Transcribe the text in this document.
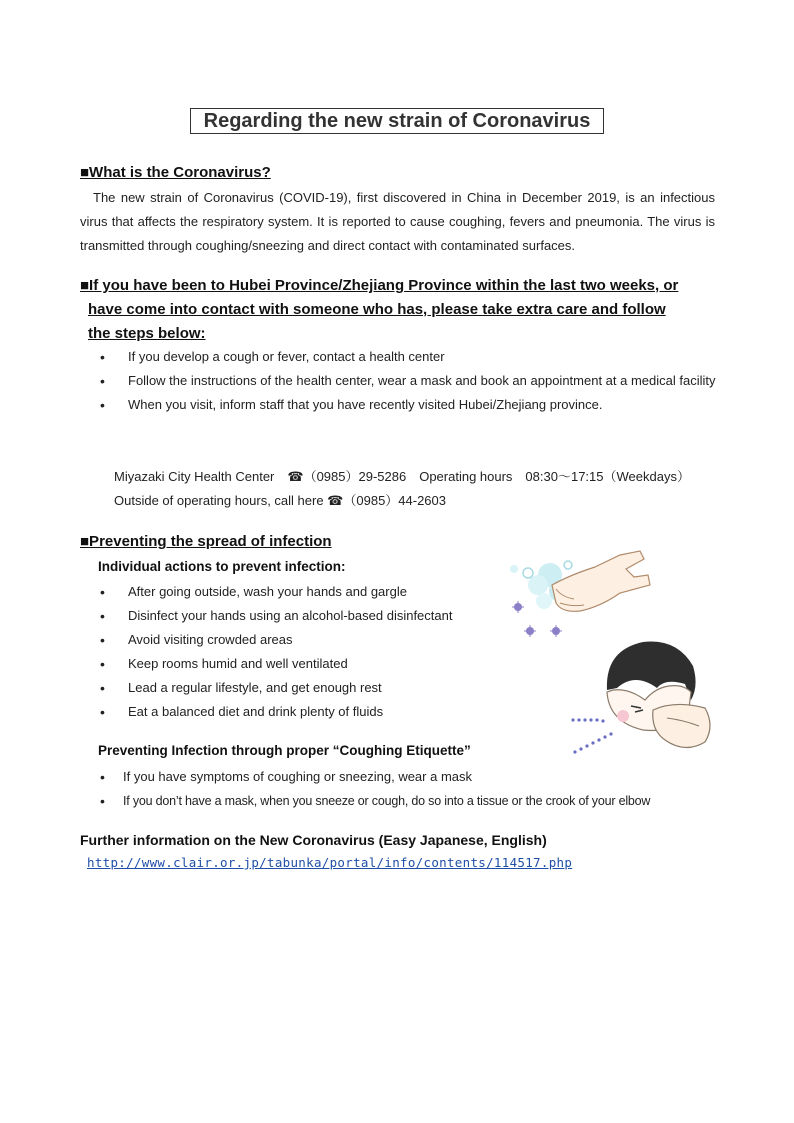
Regarding the new strain of Coronavirus
■What is the Coronavirus?
The new strain of Coronavirus (COVID-19), first discovered in China in December 2019, is an infectious virus that affects the respiratory system. It is reported to cause coughing, fevers and pneumonia. The virus is transmitted through coughing/sneezing and direct contact with contaminated surfaces.
■If you have been to Hubei Province/Zhejiang Province within the last two weeks, or
have come into contact with someone who has, please take extra care and follow
the steps below:
• If you develop a cough or fever, contact a health center
• Follow the instructions of the health center, wear a mask and book an appointment at a medical facility
• When you visit, inform staff that you have recently visited Hubei/Zhejiang province.
Miyazaki City Health Center　☎（0985）29-5286　Operating hours　08:30～17:15（Weekdays）
Outside of operating hours, call here ☎（0985）44-2603
■Preventing the spread of infection
Individual actions to prevent infection:
• After going outside, wash your hands and gargle
• Disinfect your hands using an alcohol-based disinfectant
• Avoid visiting crowded areas
• Keep rooms humid and well ventilated
• Lead a regular lifestyle, and get enough rest
• Eat a balanced diet and drink plenty of fluids
Preventing Infection through proper “Coughing Etiquette”
• If you have symptoms of coughing or sneezing, wear a mask
• If you don’t have a mask, when you sneeze or cough, do so into a tissue or the crook of your elbow
Further information on the New Coronavirus (Easy Japanese, English)
http://www.clair.or.jp/tabunka/portal/info/contents/114517.php
